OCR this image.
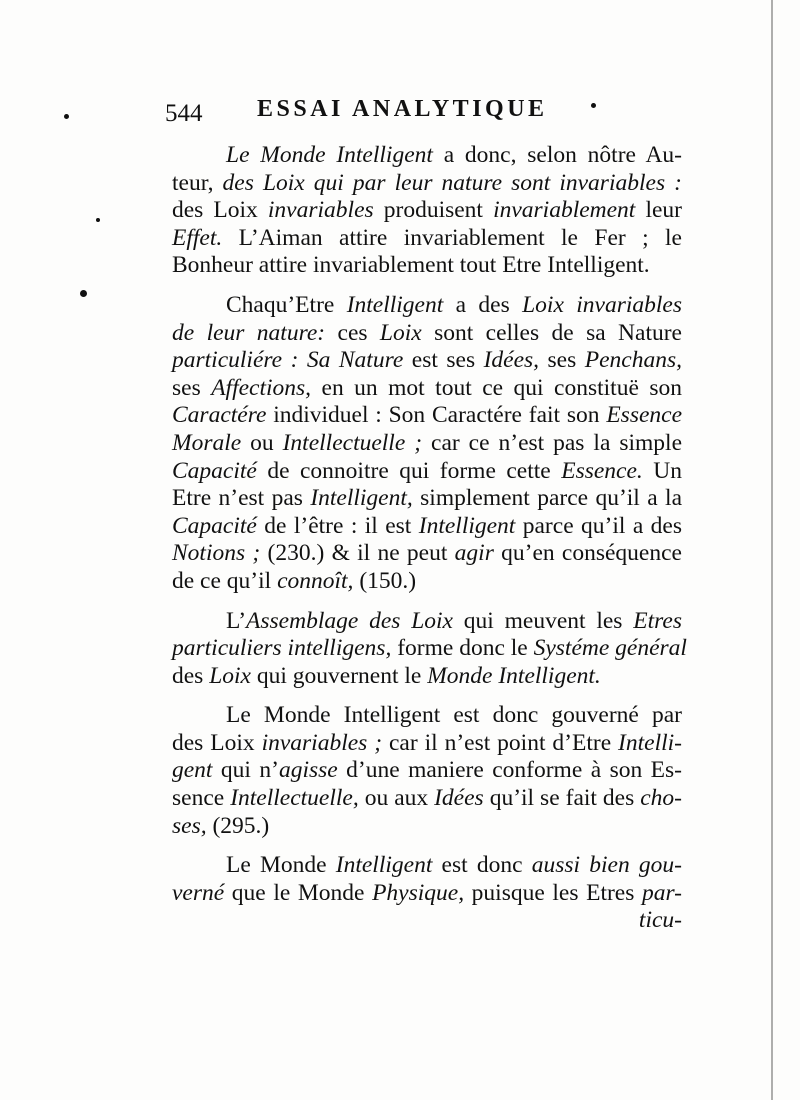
544 ESSAI ANALYTIQUE
Le Monde Intelligent a donc, selon nôtre Au-
teur, des Loix qui par leur nature sont invariables :
des Loix invariables produisent invariablement leur
Effet. L’Aiman attire invariablement le Fer ; le
Bonheur attire invariablement tout Etre Intelligent.
Chaqu’Etre Intelligent a des Loix invariables
de leur nature: ces Loix sont celles de sa Nature
particuliére : Sa Nature est ses Idées, ses Penchans,
ses Affections, en un mot tout ce qui constituë son
Caractére individuel : Son Caractére fait son Essence
Morale ou Intellectuelle ; car ce n’est pas la simple
Capacité de connoitre qui forme cette Essence. Un
Etre n’est pas Intelligent, simplement parce qu’il a la
Capacité de l’être : il est Intelligent parce qu’il a des
Notions ; (230.) & il ne peut agir qu’en conséquence
de ce qu’il connoît, (150.)
L’Assemblage des Loix qui meuvent les Etres
particuliers intelligens, forme donc le Systéme général
des Loix qui gouvernent le Monde Intelligent.
Le Monde Intelligent est donc gouverné par
des Loix invariables ; car il n’est point d’Etre Intelli-
gent qui n’agisse d’une maniere conforme à son Es-
sence Intellectuelle, ou aux Idées qu’il se fait des cho-
ses, (295.)
Le Monde Intelligent est donc aussi bien gou-
verné que le Monde Physique, puisque les Etres par-
ticu-
